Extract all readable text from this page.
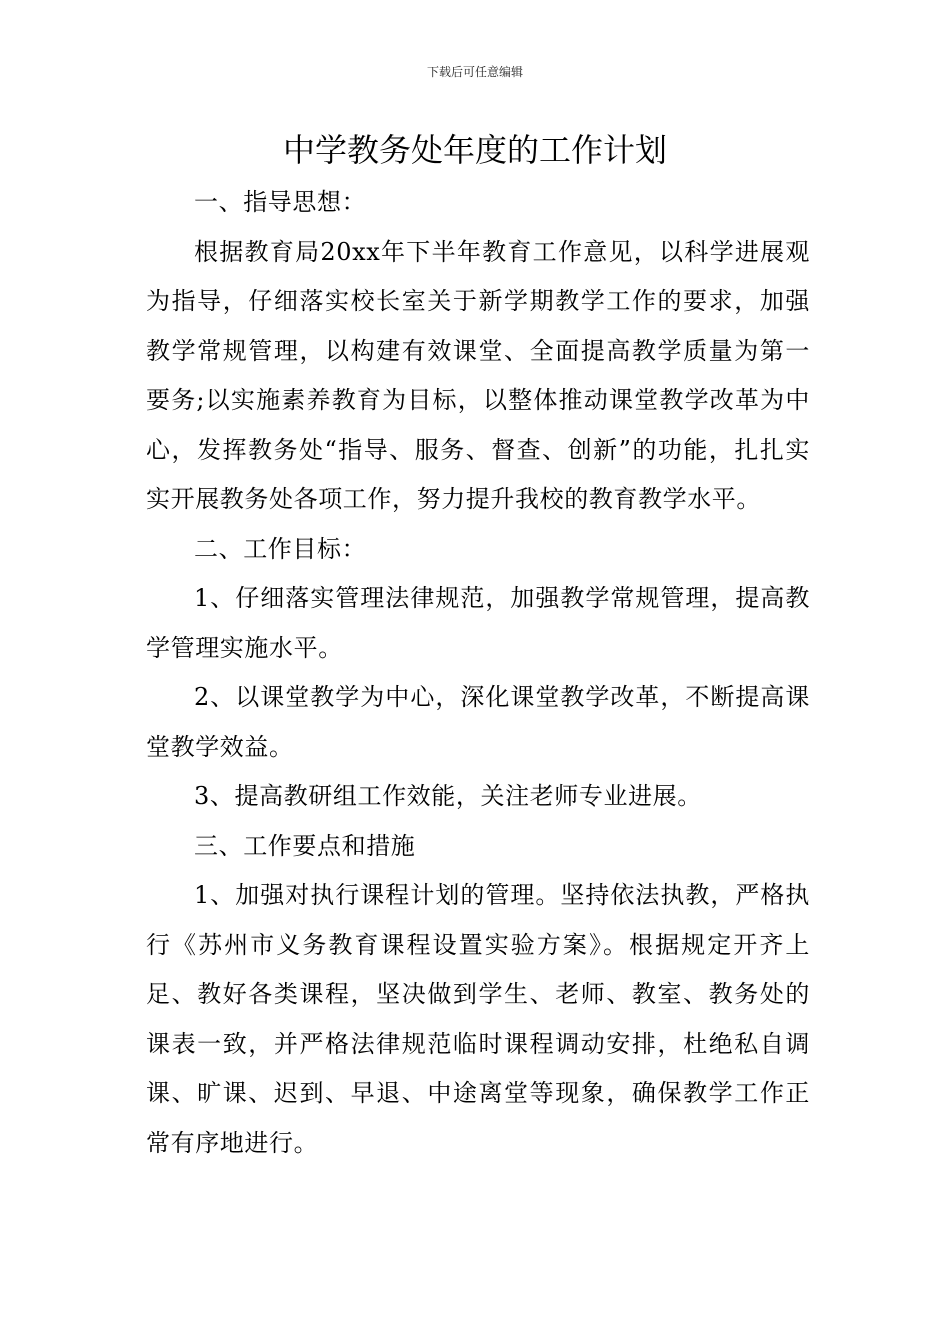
下载后可任意编辑
中学教务处年度的工作计划

一、指导思想：

根据教育局20xx年下半年教育工作意见，以科学进展观为指导，仔细落实校长室关于新学期教学工作的要求，加强教学常规管理，以构建有效课堂、全面提高教学质量为第一要务;以实施素养教育为目标，以整体推动课堂教学改革为中心，发挥教务处“指导、服务、督查、创新”的功能，扎扎实实开展教务处各项工作，努力提升我校的教育教学水平。

二、工作目标：

1、仔细落实管理法律规范，加强教学常规管理，提高教学管理实施水平。

2、以课堂教学为中心，深化课堂教学改革，不断提高课堂教学效益。

3、提高教研组工作效能，关注老师专业进展。

三、工作要点和措施

1、加强对执行课程计划的管理。坚持依法执教，严格执行《苏州市义务教育课程设置实验方案》。根据规定开齐上足、教好各类课程，坚决做到学生、老师、教室、教务处的课表一致，并严格法律规范临时课程调动安排，杜绝私自调课、旷课、迟到、早退、中途离堂等现象，确保教学工作正常有序地进行。
